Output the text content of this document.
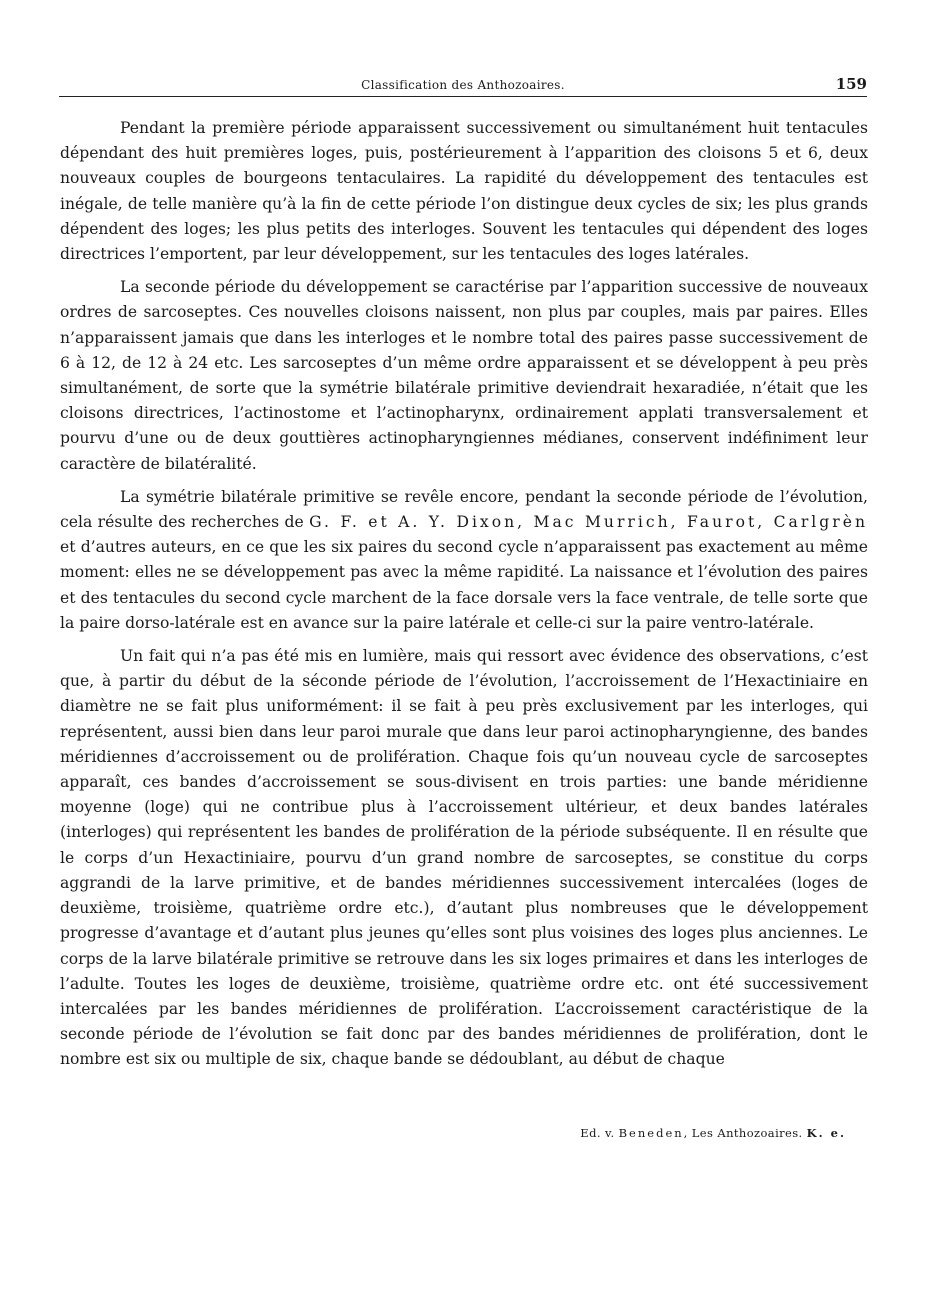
Classification des Anthozoaires.	159

Pendant la première période apparaissent successivement ou simultanément huit tentacules dépendant des huit premières loges, puis, postérieurement à l’apparition des cloisons 5 et 6, deux nouveaux couples de bourgeons tentaculaires. La rapidité du développement des tentacules est inégale, de telle manière qu’à la fin de cette période l’on distingue deux cycles de six; les plus grands dépendent des loges; les plus petits des interloges. Souvent les tentacules qui dépendent des loges directrices l’emportent, par leur développement, sur les tentacules des loges latérales.

La seconde période du développement se caractérise par l’apparition successive de nouveaux ordres de sarcoseptes. Ces nouvelles cloisons naissent, non plus par couples, mais par paires. Elles n’apparaissent jamais que dans les interloges et le nombre total des paires passe successivement de 6 à 12, de 12 à 24 etc. Les sarcoseptes d’un même ordre apparaissent et se développent à peu près simultanément, de sorte que la symétrie bilatérale primitive deviendrait hexaradiée, n’était que les cloisons directrices, l’actinostome et l’actinopharynx, ordinairement applati transversalement et pourvu d’une ou de deux gouttières actinopharyngiennes médianes, conservent indéfiniment leur caractère de bilatéralité.

La symétrie bilatérale primitive se revêle encore, pendant la seconde période de l’évolution, cela résulte des recherches de G. F. et A. Y. Dixon, Mac Murrich, Faurot, Carlgrèn et d’autres auteurs, en ce que les six paires du second cycle n’apparaissent pas exactement au même moment: elles ne se développement pas avec la même rapidité. La naissance et l’évolution des paires et des tentacules du second cycle marchent de la face dorsale vers la face ventrale, de telle sorte que la paire dorso-latérale est en avance sur la paire latérale et celle-ci sur la paire ventro-latérale.

Un fait qui n’a pas été mis en lumière, mais qui ressort avec évidence des observations, c’est que, à partir du début de la séconde période de l’évolution, l’accroissement de l’Hexactiniaire en diamètre ne se fait plus uniformément: il se fait à peu près exclusivement par les interloges, qui représentent, aussi bien dans leur paroi murale que dans leur paroi actinopharyngienne, des bandes méridiennes d’accroissement ou de prolifération. Chaque fois qu’un nouveau cycle de sarcoseptes apparaît, ces bandes d’accroissement se sous-divisent en trois parties: une bande méridienne moyenne (loge) qui ne contribue plus à l’accroissement ultérieur, et deux bandes latérales (interloges) qui représentent les bandes de prolifération de la période subséquente. Il en résulte que le corps d’un Hexactiniaire, pourvu d’un grand nombre de sarcoseptes, se constitue du corps aggrandi de la larve primitive, et de bandes méridiennes successivement intercalées (loges de deuxième, troisième, quatrième ordre etc.), d’autant plus nombreuses que le développement progresse d’avantage et d’autant plus jeunes qu’elles sont plus voisines des loges plus anciennes. Le corps de la larve bilatérale primitive se retrouve dans les six loges primaires et dans les interloges de l’adulte. Toutes les loges de deuxième, troisième, quatrième ordre etc. ont été successivement intercalées par les bandes méridiennes de prolifération. L’accroissement caractéristique de la seconde période de l’évolution se fait donc par des bandes méridiennes de prolifération, dont le nombre est six ou multiple de six, chaque bande se dédoublant, au début de chaque

Ed. v. Beneden, Les Anthozoaires. K. e.
